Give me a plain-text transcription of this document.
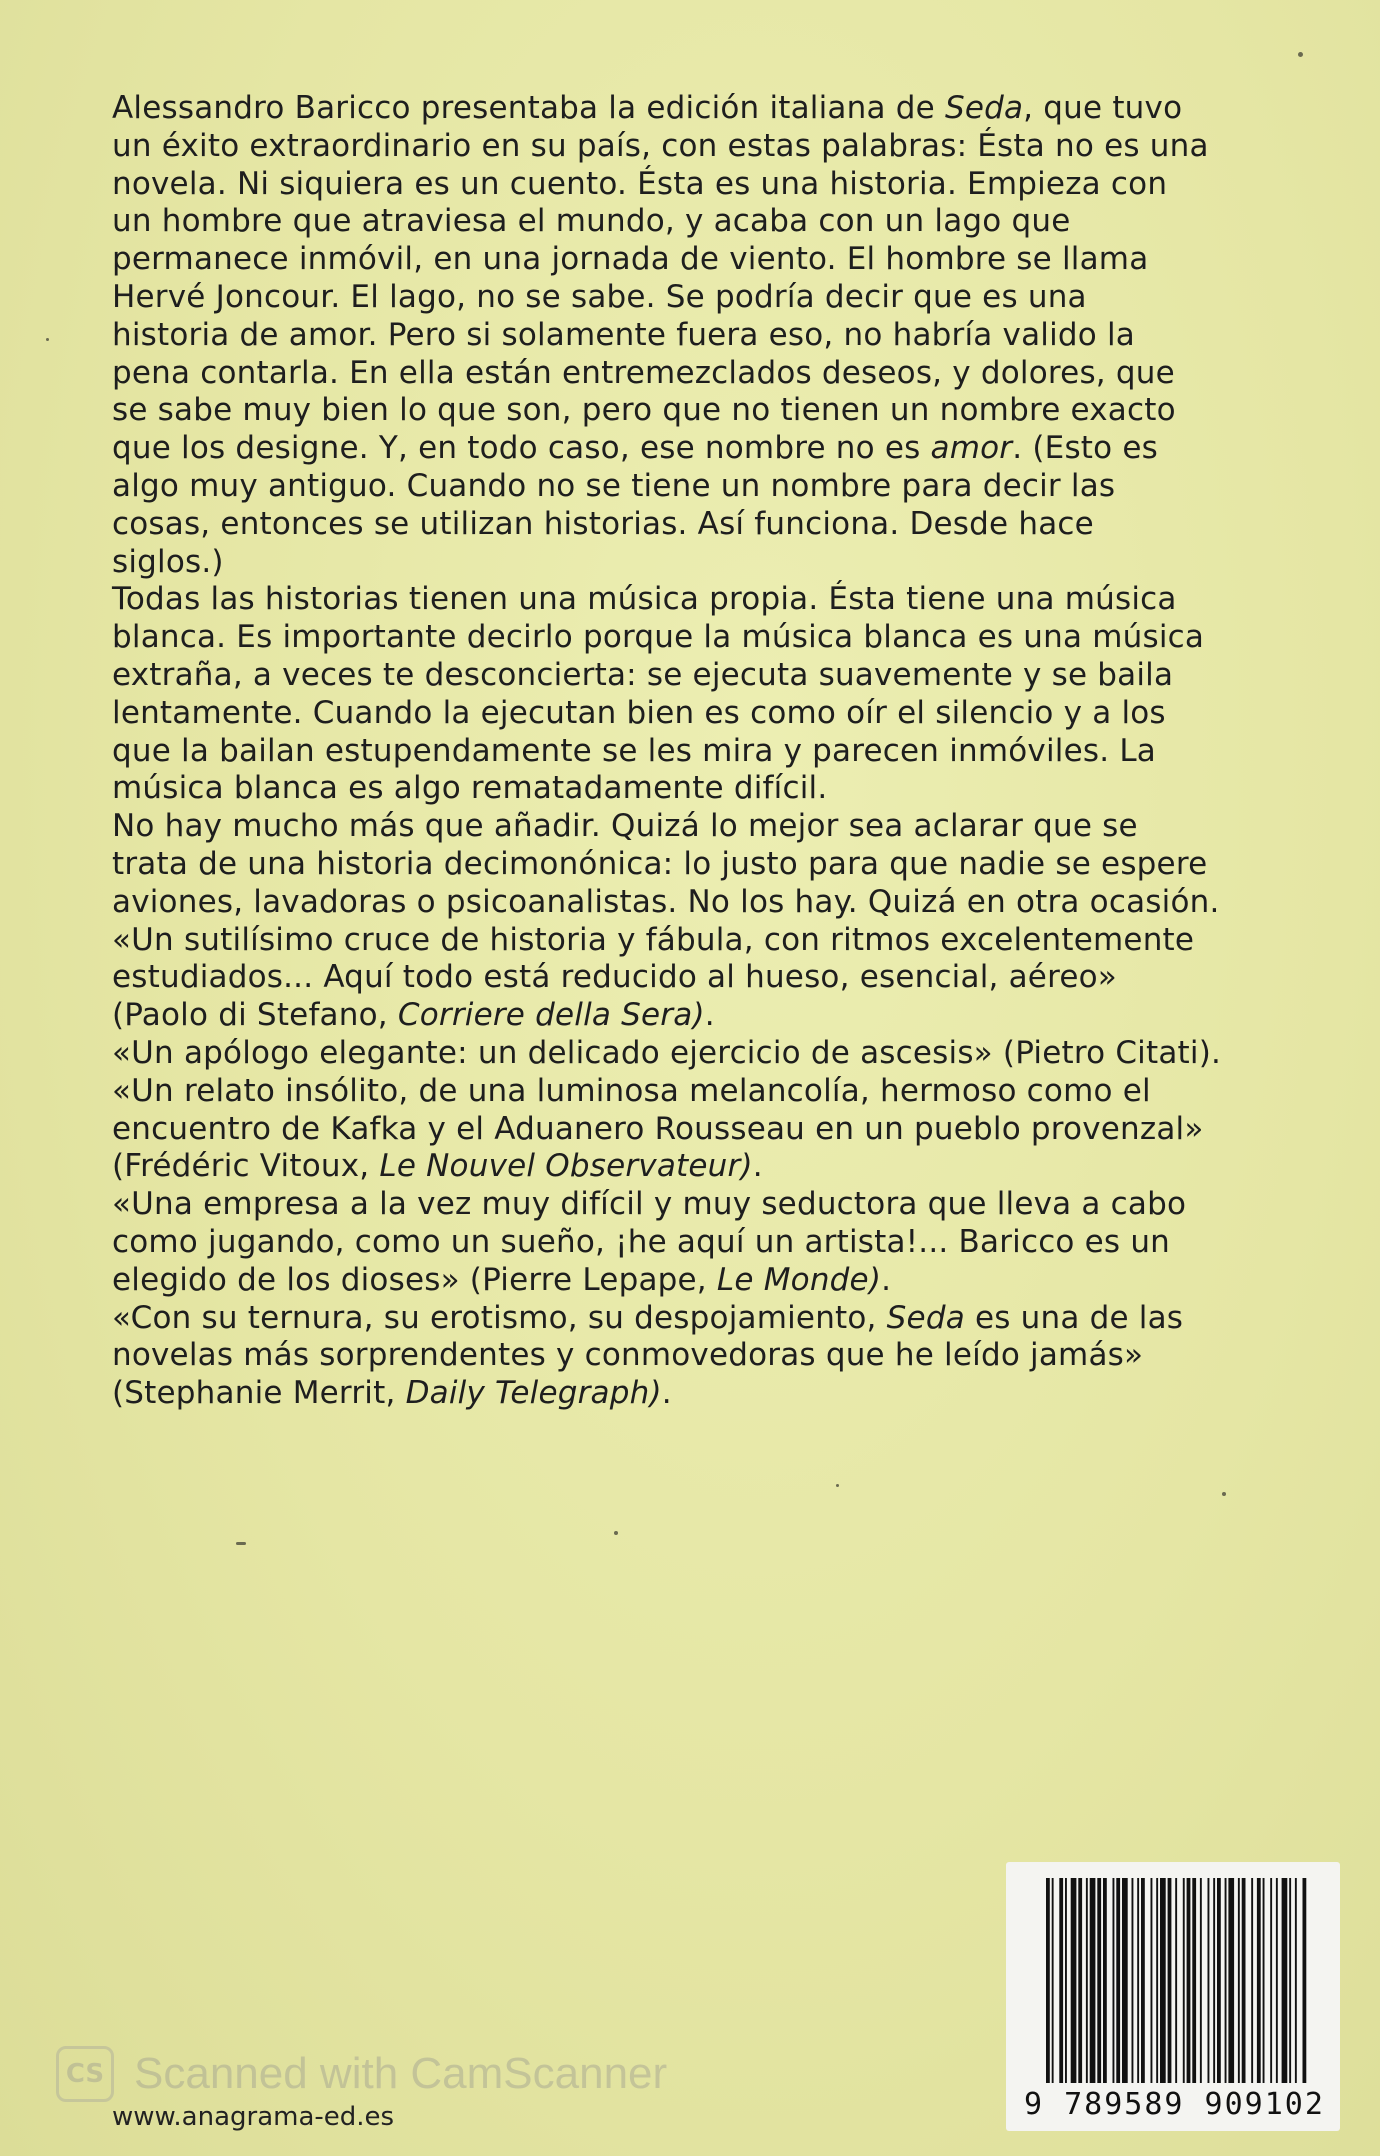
Alessandro Baricco presentaba la edición italiana de Seda, que tuvo

un éxito extraordinario en su país, con estas palabras: Ésta no es una

novela. Ni siquiera es un cuento. Ésta es una historia. Empieza con

un hombre que atraviesa el mundo, y acaba con un lago que

permanece inmóvil, en una jornada de viento. El hombre se llama

Hervé Joncour. El lago, no se sabe. Se podría decir que es una

historia de amor. Pero si solamente fuera eso, no habría valido la

pena contarla. En ella están entremezclados deseos, y dolores, que

se sabe muy bien lo que son, pero que no tienen un nombre exacto

que los designe. Y, en todo caso, ese nombre no es amor. (Esto es

algo muy antiguo. Cuando no se tiene un nombre para decir las

cosas, entonces se utilizan historias. Así funciona. Desde hace

siglos.)

Todas las historias tienen una música propia. Ésta tiene una música

blanca. Es importante decirlo porque la música blanca es una música

extraña, a veces te desconcierta: se ejecuta suavemente y se baila

lentamente. Cuando la ejecutan bien es como oír el silencio y a los

que la bailan estupendamente se les mira y parecen inmóviles. La

música blanca es algo rematadamente difícil.

No hay mucho más que añadir. Quizá lo mejor sea aclarar que se

trata de una historia decimonónica: lo justo para que nadie se espere

aviones, lavadoras o psicoanalistas. No los hay. Quizá en otra ocasión.

«Un sutilísimo cruce de historia y fábula, con ritmos excelentemente

estudiados... Aquí todo está reducido al hueso, esencial, aéreo»

(Paolo di Stefano, Corriere della Sera).

«Un apólogo elegante: un delicado ejercicio de ascesis» (Pietro Citati).

«Un relato insólito, de una luminosa melancolía, hermoso como el

encuentro de Kafka y el Aduanero Rousseau en un pueblo provenzal»

(Frédéric Vitoux, Le Nouvel Observateur).

«Una empresa a la vez muy difícil y muy seductora que lleva a cabo

como jugando, como un sueño, ¡he aquí un artista!... Baricco es un

elegido de los dioses» (Pierre Lepape, Le Monde).

«Con su ternura, su erotismo, su despojamiento, Seda es una de las

novelas más sorprendentes y conmovedoras que he leído jamás»

(Stephanie Merrit, Daily Telegraph).

9 789589 909102
CS Scanned with CamScanner
www.anagrama-ed.es
